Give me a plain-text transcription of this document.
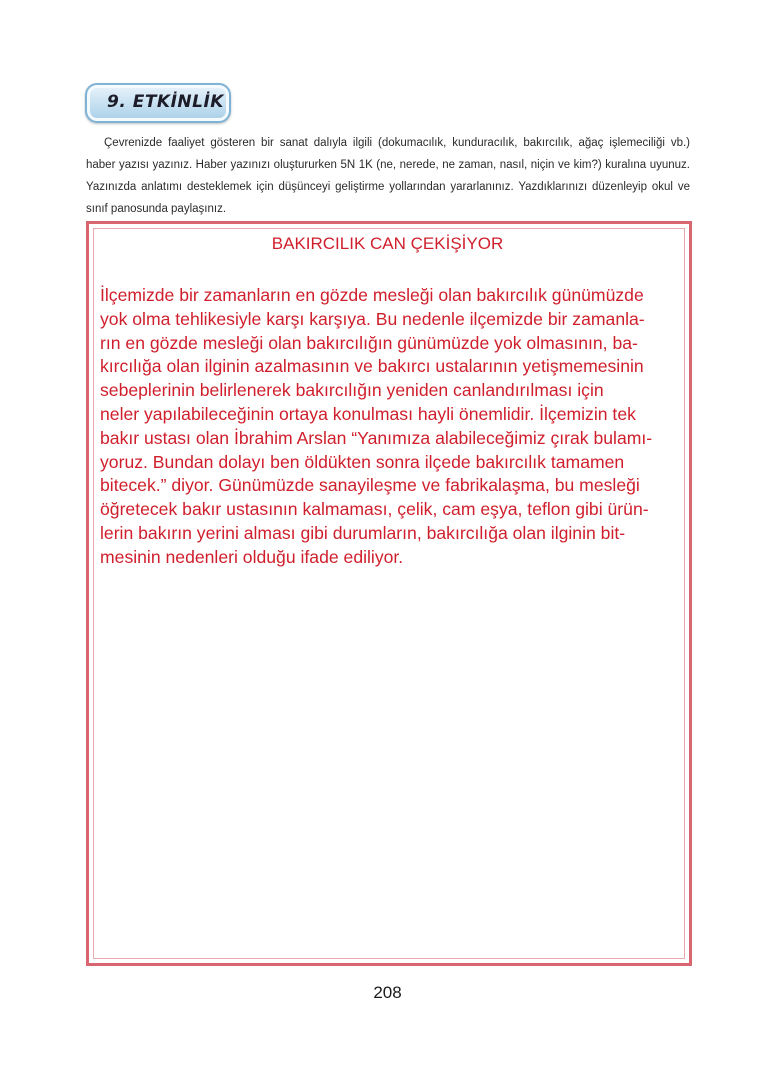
9. ETKİNLİK

Çevrenizde faaliyet gösteren bir sanat dalıyla ilgili (dokumacılık, kunduracılık, bakırcılık, ağaç işlemeciliği vb.) haber yazısı yazınız. Haber yazınızı oluştururken 5N 1K (ne, nerede, ne zaman, nasıl, niçin ve kim?) kuralına uyunuz. Yazınızda anlatımı desteklemek için düşünceyi geliştirme yollarından yararlanınız. Yazdıklarınızı düzenleyip okul ve sınıf panosunda paylaşınız.

BAKIRCILIK CAN ÇEKİŞİYOR
İlçemizde bir zamanların en gözde mesleği olan bakırcılık günümüzde
yok olma tehlikesiyle karşı karşıya. Bu nedenle ilçemizde bir zamanla-
rın en gözde mesleği olan bakırcılığın günümüzde yok olmasının, ba-
kırcılığa olan ilginin azalmasının ve bakırcı ustalarının yetişmemesinin
sebeplerinin belirlenerek bakırcılığın yeniden canlandırılması için
neler yapılabileceğinin ortaya konulması hayli önemlidir. İlçemizin tek
bakır ustası olan İbrahim Arslan “Yanımıza alabileceğimiz çırak bulamı-
yoruz. Bundan dolayı ben öldükten sonra ilçede bakırcılık tamamen
bitecek.” diyor. Günümüzde sanayileşme ve fabrikalaşma, bu mesleği
öğretecek bakır ustasının kalmaması, çelik, cam eşya, teflon gibi ürün-
lerin bakırın yerini alması gibi durumların, bakırcılığa olan ilginin bit-
mesinin nedenleri olduğu ifade ediliyor.
208
